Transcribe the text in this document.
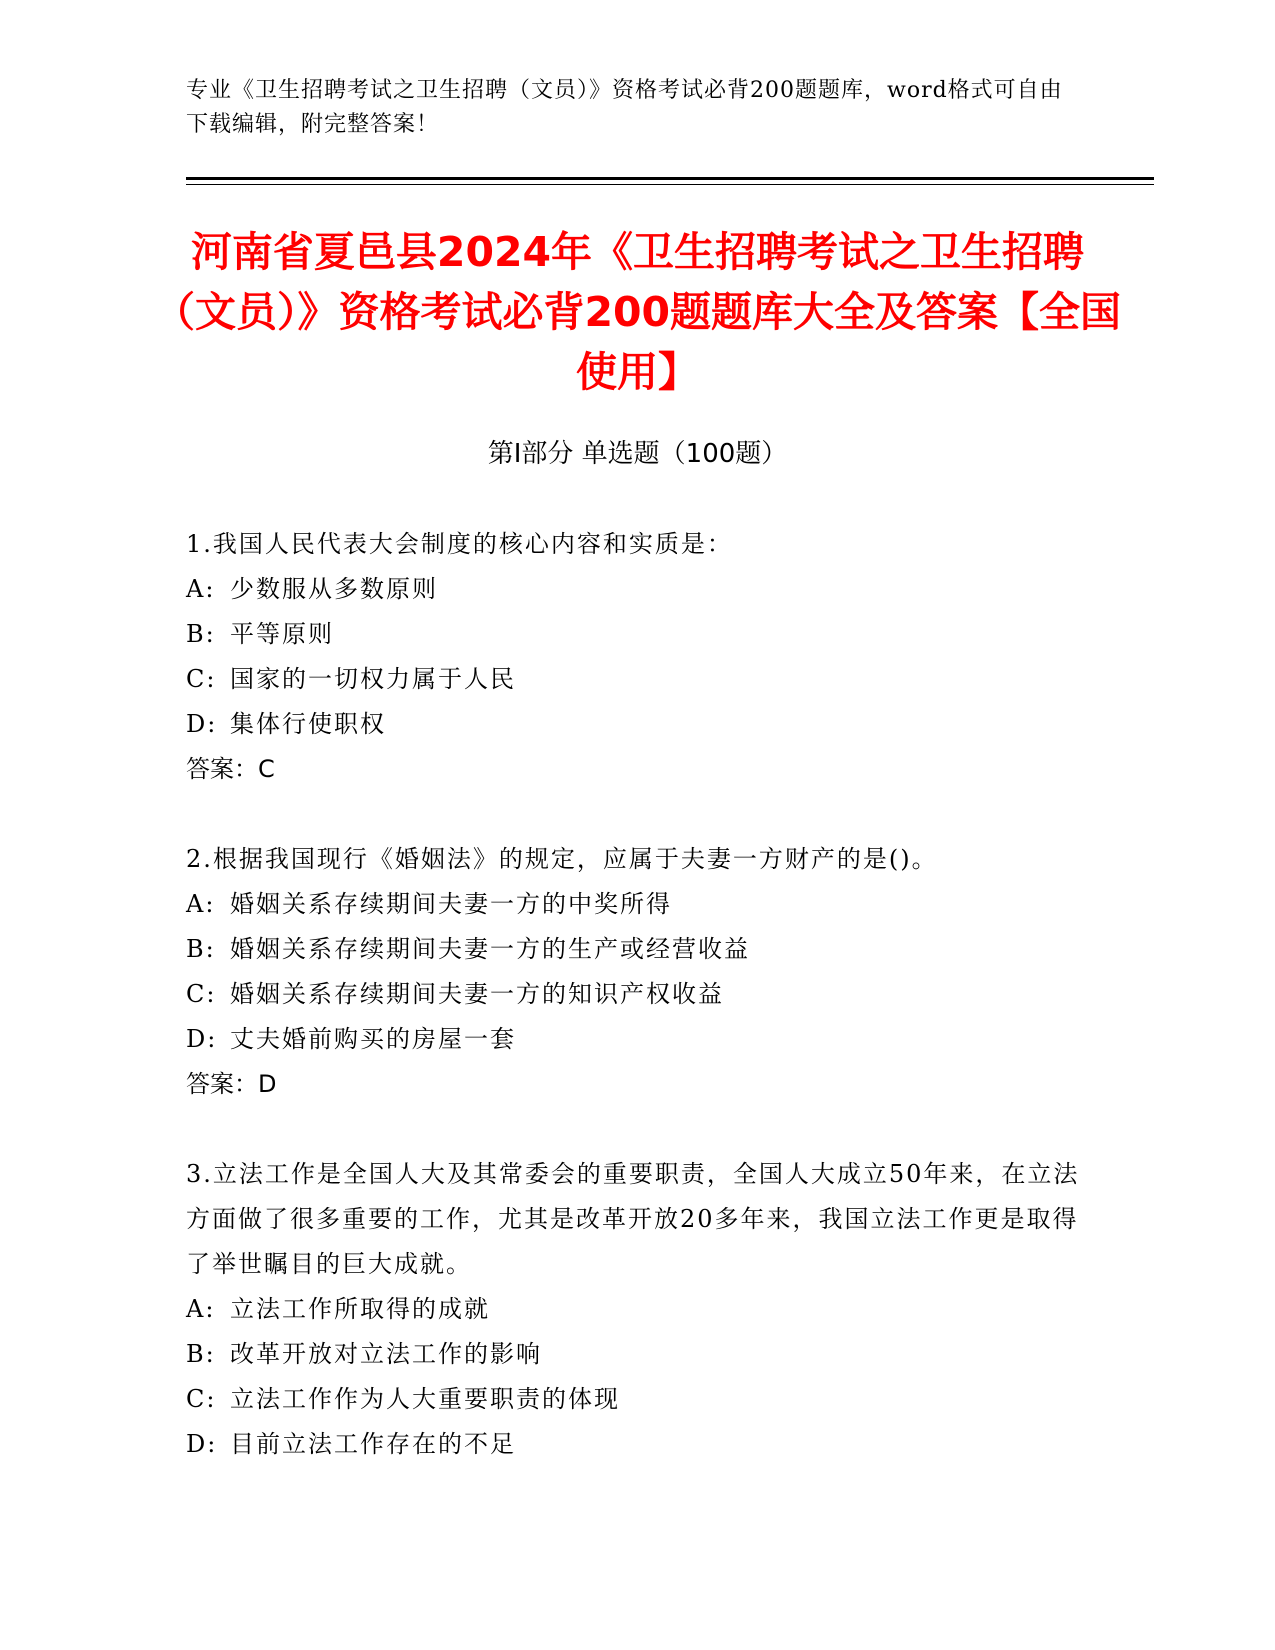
专业《卫生招聘考试之卫生招聘（文员）》资格考试必背200题题库，word格式可自由下载编辑，附完整答案！
河南省夏邑县2024年《卫生招聘考试之卫生招聘（文员）》资格考试必背200题题库大全及答案【全国使用】
第Ⅰ部分 单选题（100题）
1.我国人民代表大会制度的核心内容和实质是：
A: 少数服从多数原则
B: 平等原则
C: 国家的一切权力属于人民
D: 集体行使职权
答案：C
2.根据我国现行《婚姻法》的规定，应属于夫妻一方财产的是()。
A: 婚姻关系存续期间夫妻一方的中奖所得
B: 婚姻关系存续期间夫妻一方的生产或经营收益
C: 婚姻关系存续期间夫妻一方的知识产权收益
D: 丈夫婚前购买的房屋一套
答案：D
3.立法工作是全国人大及其常委会的重要职责，全国人大成立50年来，在立法方面做了很多重要的工作，尤其是改革开放20多年来，我国立法工作更是取得了举世瞩目的巨大成就。
A: 立法工作所取得的成就
B: 改革开放对立法工作的影响
C: 立法工作作为人大重要职责的体现
D: 目前立法工作存在的不足
